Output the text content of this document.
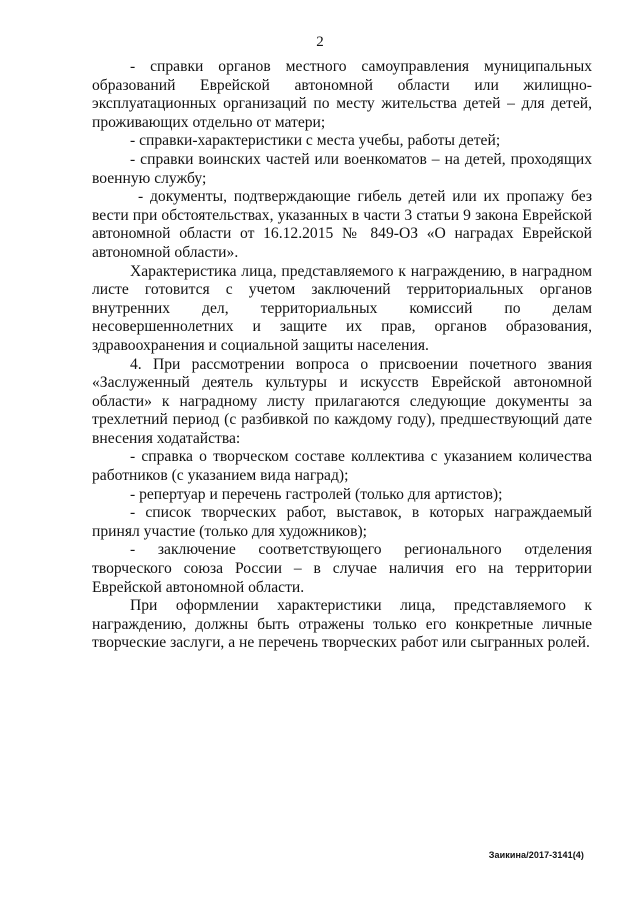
2

- справки органов местного самоуправления муниципальных образований Еврейской автономной области или жилищно-эксплуатационных организаций по месту жительства детей – для детей, проживающих отдельно от матери;

- справки-характеристики с места учебы, работы детей;

- справки воинских частей или военкоматов – на детей, проходящих военную службу;

- документы, подтверждающие гибель детей или их пропажу без вести при обстоятельствах, указанных в части 3 статьи 9 закона Еврейской автономной области от 16.12.2015 № 849-ОЗ «О наградах Еврейской автономной области».

Характеристика лица, представляемого к награждению, в наградном листе готовится с учетом заключений территориальных органов внутренних дел, территориальных комиссий по делам несовершеннолетних и защите их прав, органов образования, здравоохранения и социальной защиты населения.

4. При рассмотрении вопроса о присвоении почетного звания «Заслуженный деятель культуры и искусств Еврейской автономной области» к наградному листу прилагаются следующие документы за трехлетний период (с разбивкой по каждому году), предшествующий дате внесения ходатайства:

- справка о творческом составе коллектива с указанием количества работников (с указанием вида наград);

- репертуар и перечень гастролей (только для артистов);

- список творческих работ, выставок, в которых награждаемый принял участие (только для художников);

- заключение соответствующего регионального отделения творческого союза России – в случае наличия его на территории Еврейской автономной области.

При оформлении характеристики лица, представляемого к награждению, должны быть отражены только его конкретные личные творческие заслуги, а не перечень творческих работ или сыгранных ролей.

Заикина/2017-3141(4)
